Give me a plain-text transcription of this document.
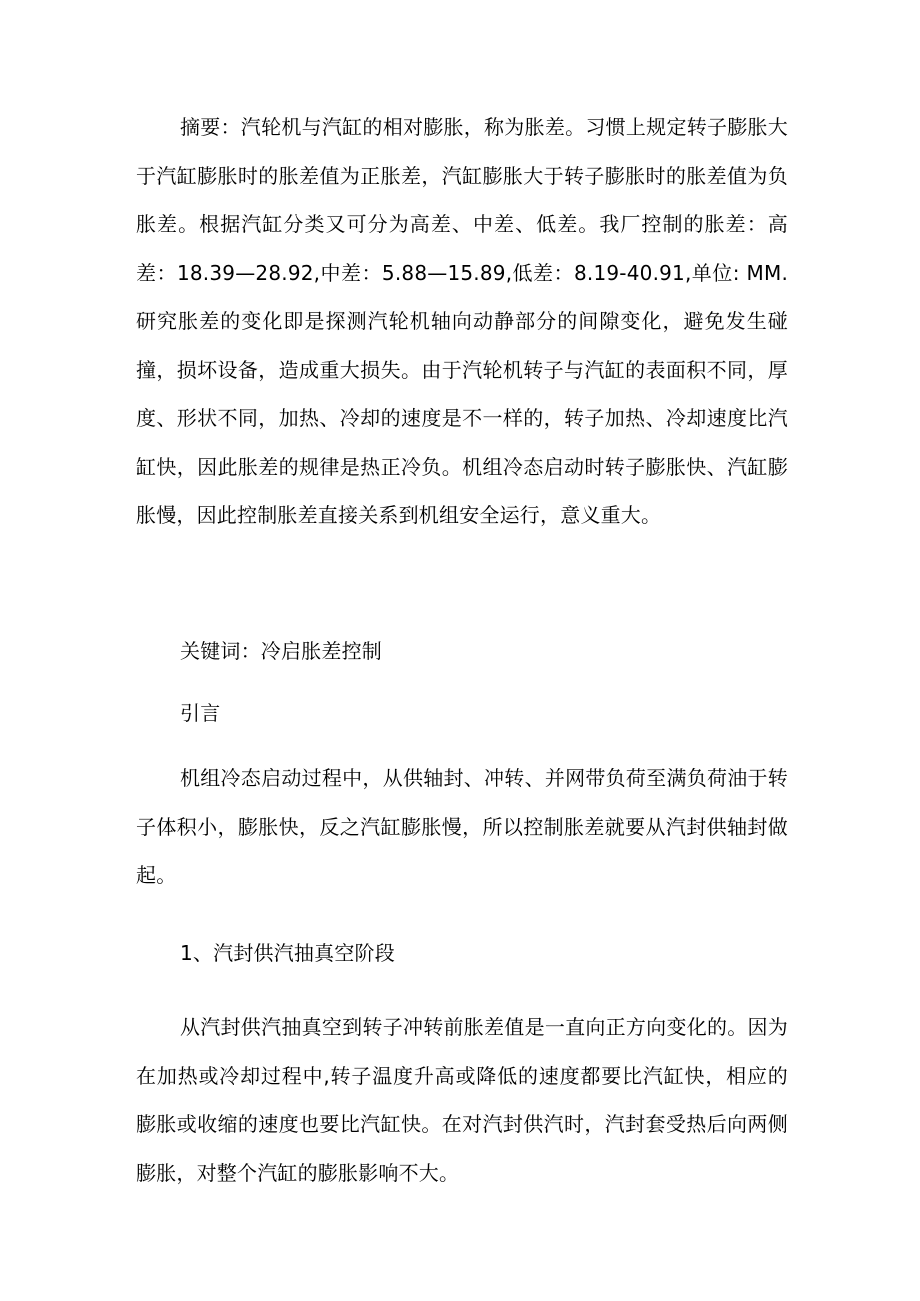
摘要：汽轮机与汽缸的相对膨胀，称为胀差。习惯上规定转子膨胀大于汽缸膨胀时的胀差值为正胀差，汽缸膨胀大于转子膨胀时的胀差值为负胀差。根据汽缸分类又可分为高差、中差、低差。我厂控制的胀差：高差：18.39—28.92,中差：5.88—15.89,低差：8.19-40.91,单位: MM.研究胀差的变化即是探测汽轮机轴向动静部分的间隙变化，避免发生碰撞，损坏设备，造成重大损失。由于汽轮机转子与汽缸的表面积不同，厚度、形状不同，加热、冷却的速度是不一样的，转子加热、冷却速度比汽缸快，因此胀差的规律是热正冷负。机组冷态启动时转子膨胀快、汽缸膨胀慢，因此控制胀差直接关系到机组安全运行，意义重大。

关键词：冷启胀差控制

引言

机组冷态启动过程中，从供轴封、冲转、并网带负荷至满负荷油于转子体积小，膨胀快，反之汽缸膨胀慢，所以控制胀差就要从汽封供轴封做起。

1、汽封供汽抽真空阶段

从汽封供汽抽真空到转子冲转前胀差值是一直向正方向变化的。因为在加热或冷却过程中,转子温度升高或降低的速度都要比汽缸快，相应的膨胀或收缩的速度也要比汽缸快。在对汽封供汽时，汽封套受热后向两侧膨胀，对整个汽缸的膨胀影响不大。
